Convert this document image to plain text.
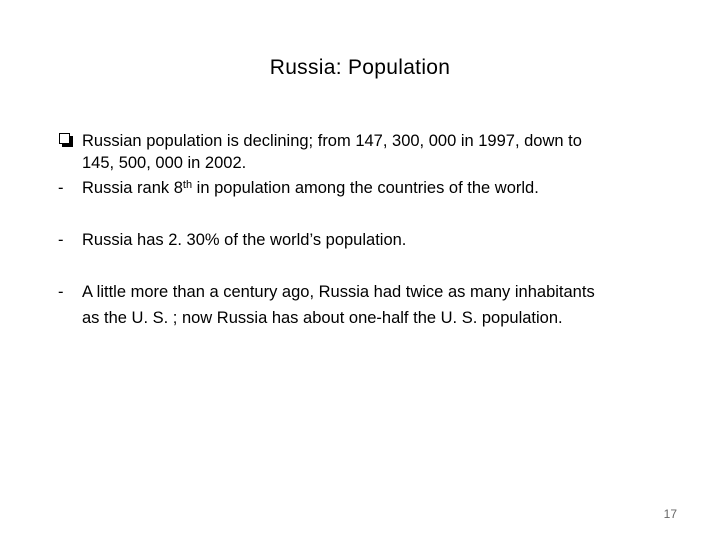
Russia: Population
Russian population is declining; from 147, 300, 000 in 1997, down to
145, 500, 000 in 2002.
- Russia rank 8th in population among the countries of the world.
- Russia has 2. 30% of the world’s population.
- A little more than a century ago, Russia had twice as many inhabitants
as the U. S. ; now Russia has about one-half the U. S. population.
17
